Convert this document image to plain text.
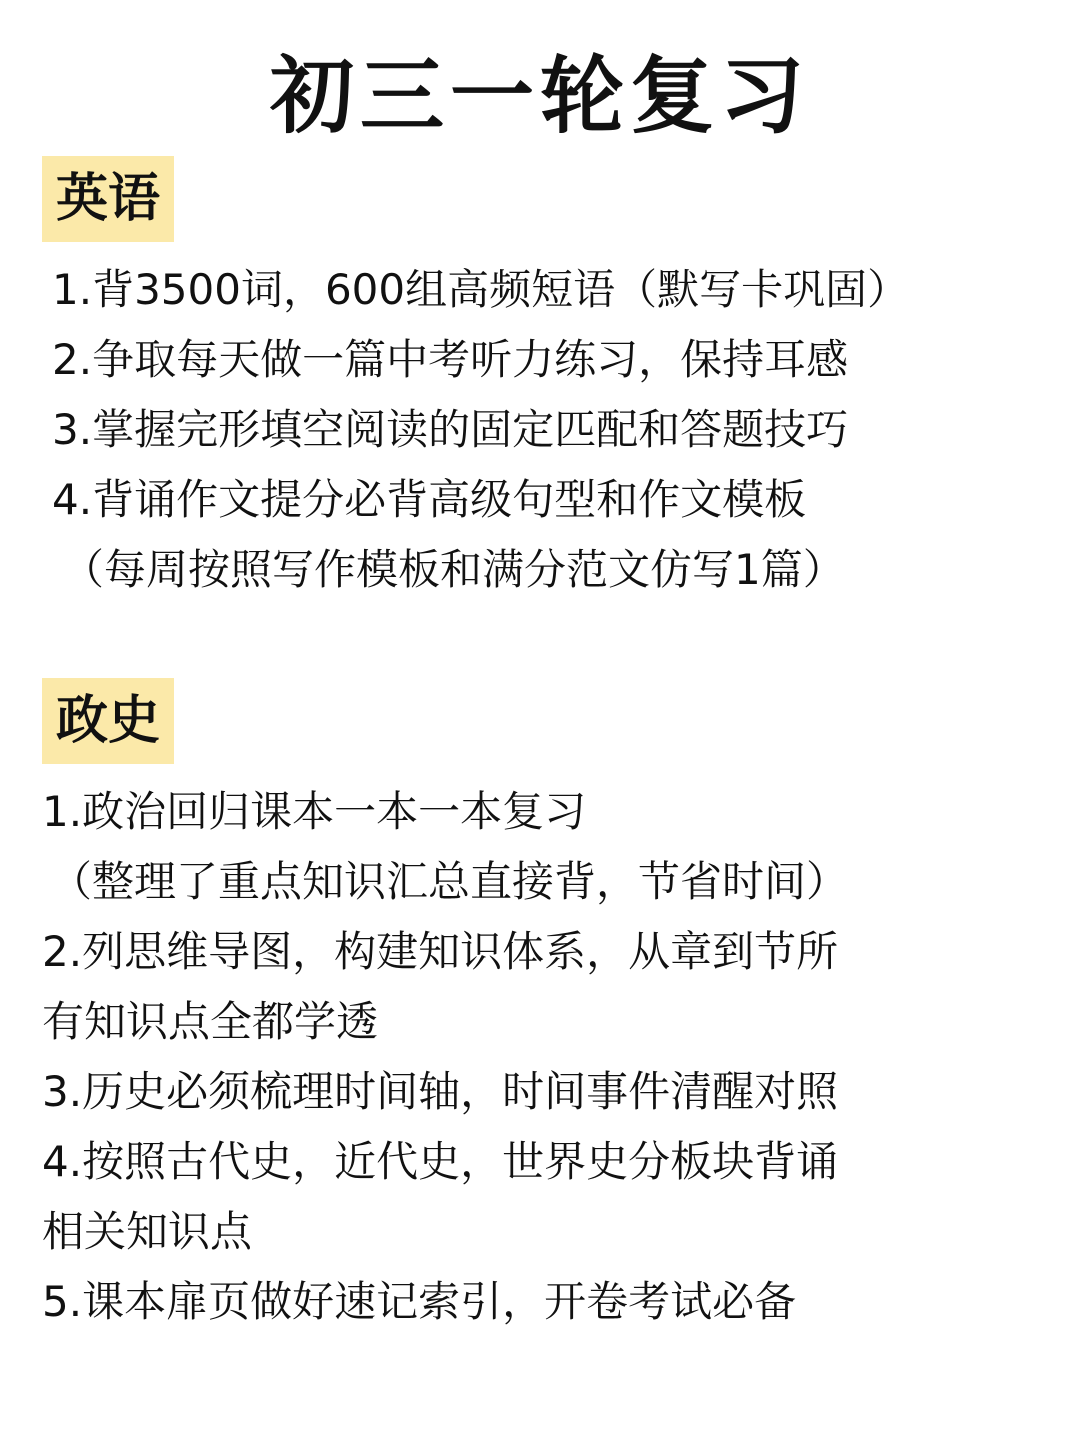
初三一轮复习
英语
1.背3500词，600组高频短语（默写卡巩固）
2.争取每天做一篇中考听力练习，保持耳感
3.掌握完形填空阅读的固定匹配和答题技巧
4.背诵作文提分必背高级句型和作文模板
（每周按照写作模板和满分范文仿写1篇）
政史
1.政治回归课本一本一本复习
（整理了重点知识汇总直接背，节省时间）
2.列思维导图，构建知识体系，从章到节所
有知识点全都学透
3.历史必须梳理时间轴，时间事件清醒对照
4.按照古代史，近代史，世界史分板块背诵
相关知识点
5.课本扉页做好速记索引，开卷考试必备
